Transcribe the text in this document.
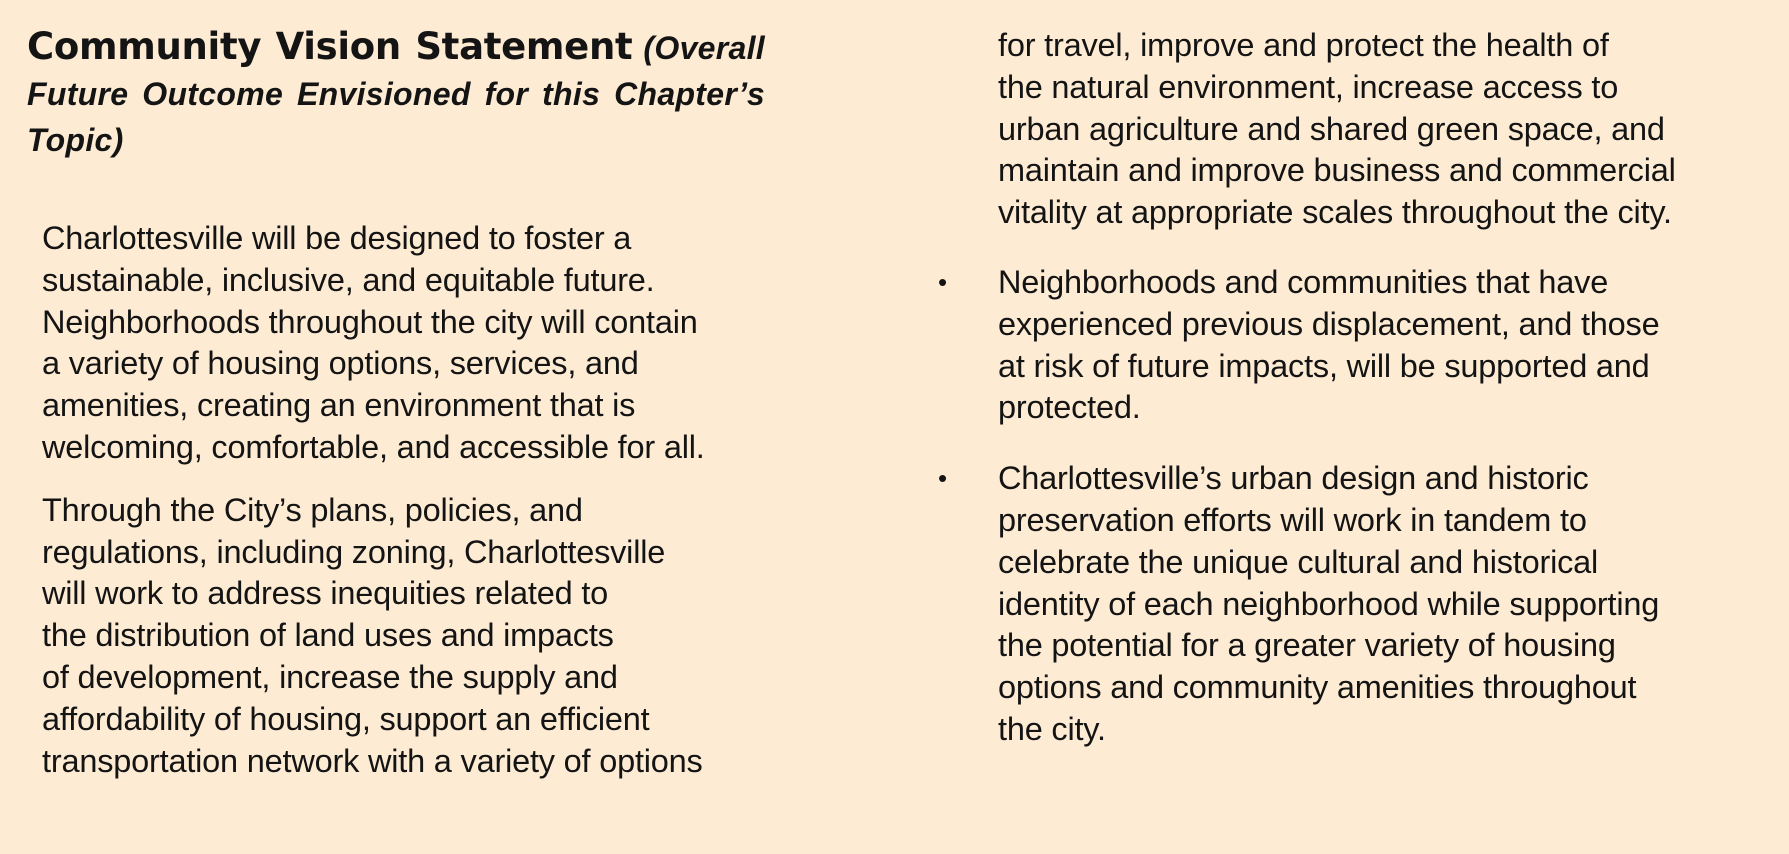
Community Vision Statement (Overall Future Outcome Envisioned for this Chapter’s Topic)

Charlottesville will be designed to foster a
sustainable, inclusive, and equitable future.
Neighborhoods throughout the city will contain
a variety of housing options, services, and
amenities, creating an environment that is
welcoming, comfortable, and accessible for all.

Through the City’s plans, policies, and
regulations, including zoning, Charlottesville
will work to address inequities related to
the distribution of land uses and impacts
of development, increase the supply and
affordability of housing, support an efficient
transportation network with a variety of options

for travel, improve and protect the health of
the natural environment, increase access to
urban agriculture and shared green space, and
maintain and improve business and commercial
vitality at appropriate scales throughout the city.

• Neighborhoods and communities that have
experienced previous displacement, and those
at risk of future impacts, will be supported and
protected.

• Charlottesville’s urban design and historic
preservation efforts will work in tandem to
celebrate the unique cultural and historical
identity of each neighborhood while supporting
the potential for a greater variety of housing
options and community amenities throughout
the city.
